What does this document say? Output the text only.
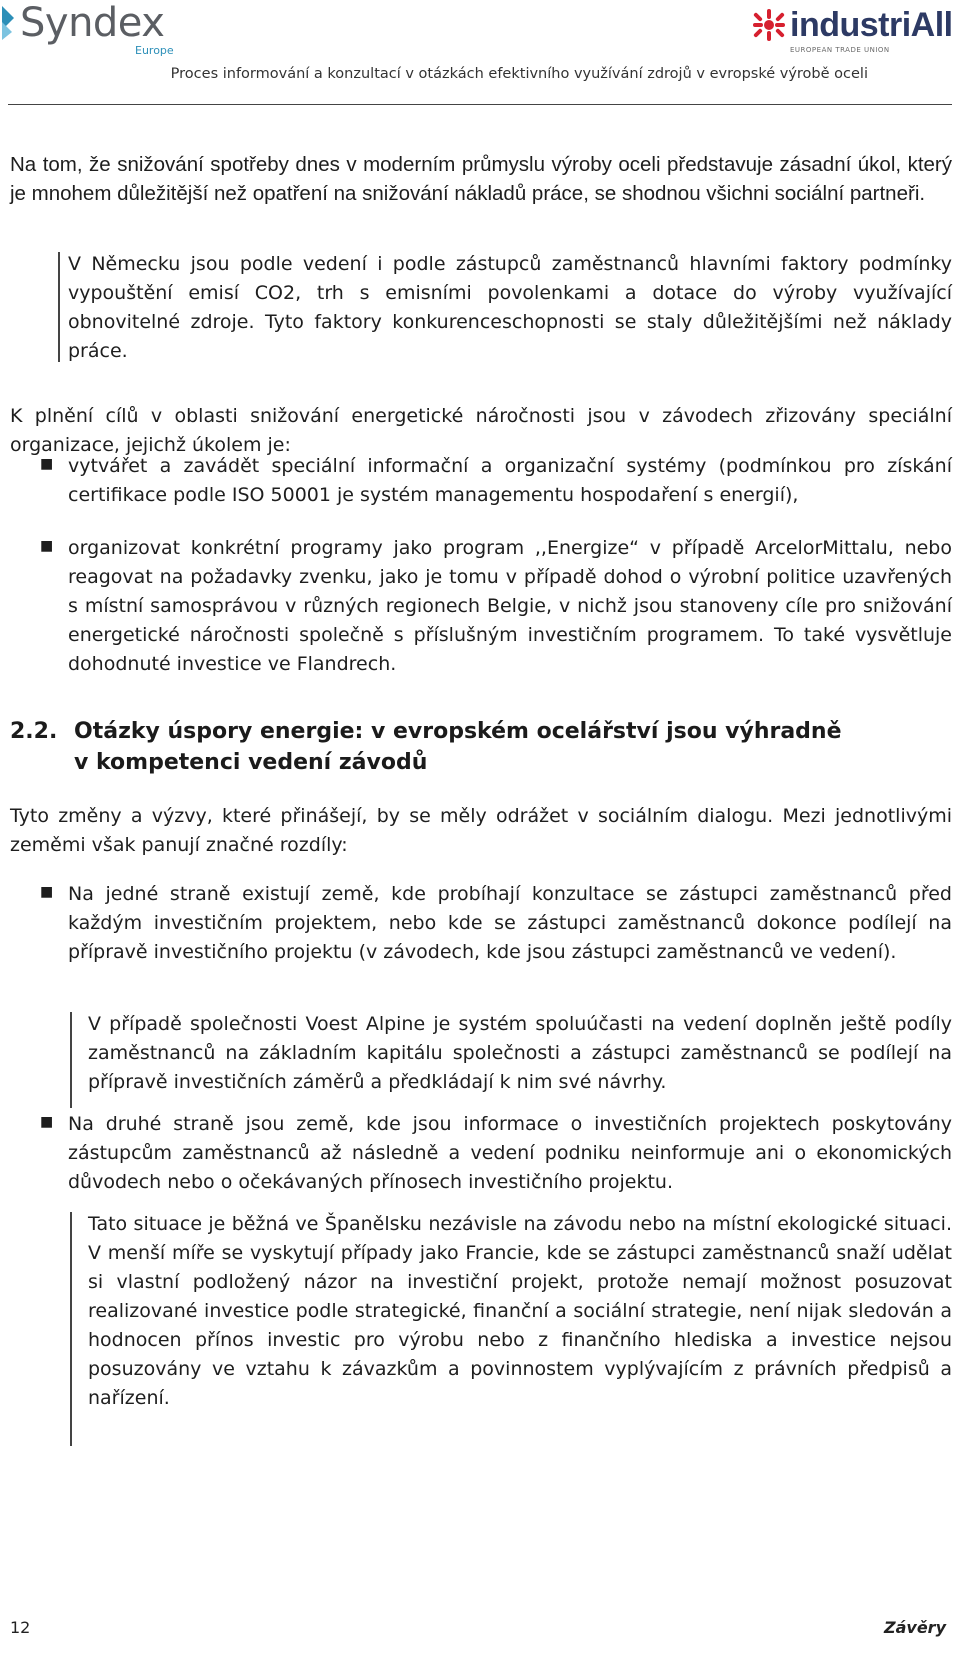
Syndex
Europe
industriAll
EUROPEAN TRADE UNION
Proces informování a konzultací v otázkách efektivního využívání zdrojů v evropské výrobě oceli
Na tom, že snižování spotřeby dnes v moderním průmyslu výroby oceli představuje zásadní úkol, který je mnohem důležitější než opatření na snižování nákladů práce, se shodnou všichni sociální partneři.
V Německu jsou podle vedení i podle zástupců zaměstnanců hlavními faktory podmínky vypouštění emisí CO2, trh s emisními povolenkami a dotace do výroby využívající obnovitelné zdroje. Tyto faktory konkurenceschopnosti se staly důležitějšími než náklady práce.
K plnění cílů v oblasti snižování energetické náročnosti jsou v závodech zřizovány speciální organizace, jejichž úkolem je:
■ vytvářet a zavádět speciální informační a organizační systémy (podmínkou pro získání certifikace podle ISO 50001 je systém managementu hospodaření s energií),
■ organizovat konkrétní programy jako program ,,Energize“ v případě ArcelorMittalu, nebo reagovat na požadavky zvenku, jako je tomu v případě dohod o výrobní politice uzavřených s místní samosprávou v různých regionech Belgie, v nichž jsou stanoveny cíle pro snižování energetické náročnosti společně s příslušným investičním programem. To také vysvětluje dohodnuté investice ve Flandrech.
2.2. Otázky úspory energie: v evropském ocelářství jsou výhradně v kompetenci vedení závodů
Tyto změny a výzvy, které přinášejí, by se měly odrážet v sociálním dialogu. Mezi jednotlivými zeměmi však panují značné rozdíly:
■ Na jedné straně existují země, kde probíhají konzultace se zástupci zaměstnanců před každým investičním projektem, nebo kde se zástupci zaměstnanců dokonce podílejí na přípravě investičního projektu (v závodech, kde jsou zástupci zaměstnanců ve vedení).
V případě společnosti Voest Alpine je systém spoluúčasti na vedení doplněn ještě podíly zaměstnanců na základním kapitálu společnosti a zástupci zaměstnanců se podílejí na přípravě investičních záměrů a předkládají k nim své návrhy.
■ Na druhé straně jsou země, kde jsou informace o investičních projektech poskytovány zástupcům zaměstnanců až následně a vedení podniku neinformuje ani o ekonomických důvodech nebo o očekávaných přínosech investičního projektu.
Tato situace je běžná ve Španělsku nezávisle na závodu nebo na místní ekologické situaci. V menší míře se vyskytují případy jako Francie, kde se zástupci zaměstnanců snaží udělat si vlastní podložený názor na investiční projekt, protože nemají možnost posuzovat realizované investice podle strategické, finanční a sociální strategie, není nijak sledován a hodnocen přínos investic pro výrobu nebo z finančního hlediska a investice nejsou posuzovány ve vztahu k závazkům a povinnostem vyplývajícím z právních předpisů a nařízení.
12	Závěry
